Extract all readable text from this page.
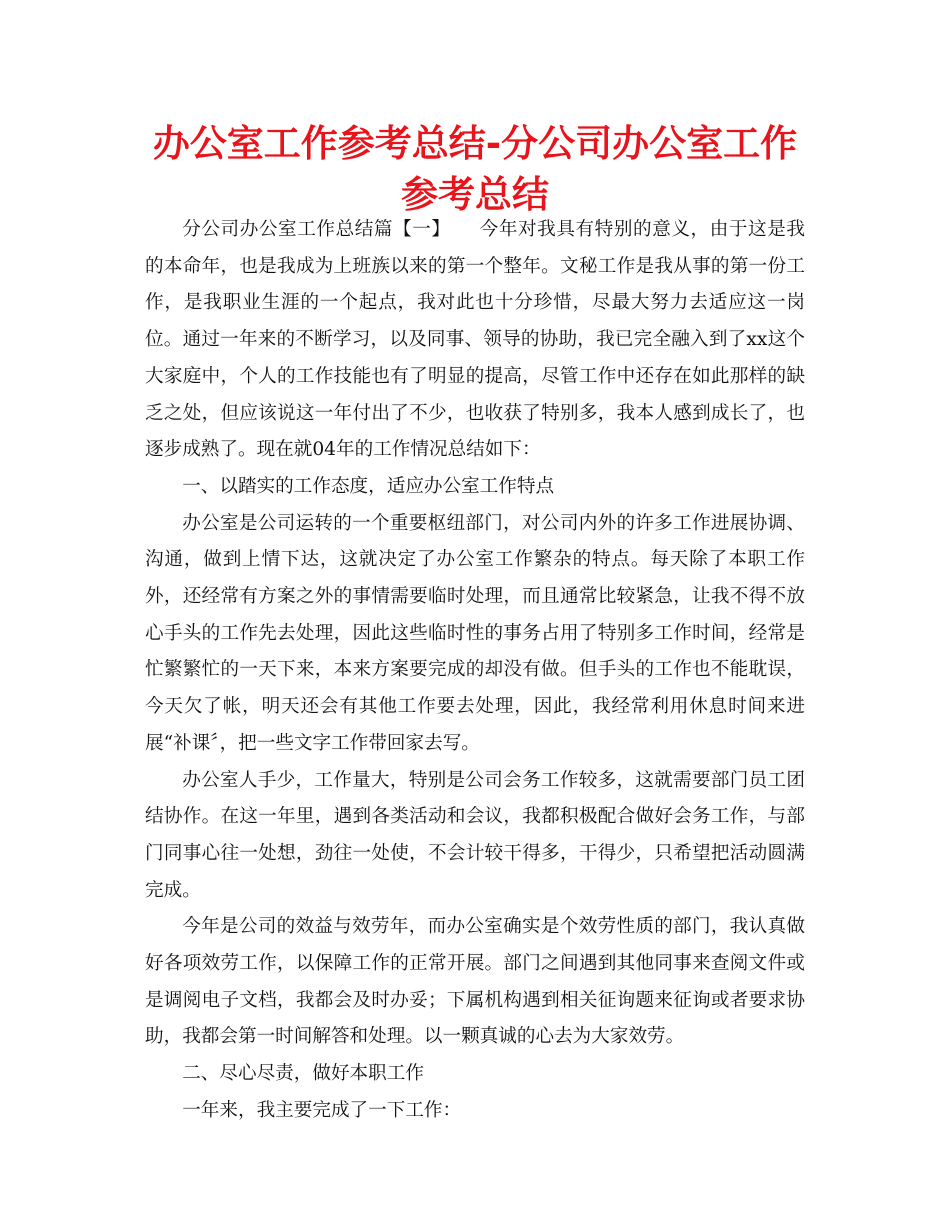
办公室工作参考总结-分公司办公室工作参考总结

分公司办公室工作总结篇【一】　　今年对我具有特别的意义，由于这是我的本命年，也是我成为上班族以来的第一个整年。文秘工作是我从事的第一份工作，是我职业生涯的一个起点，我对此也十分珍惜，尽最大努力去适应这一岗位。通过一年来的不断学习，以及同事、领导的协助，我已完全融入到了xx这个大家庭中，个人的工作技能也有了明显的提高，尽管工作中还存在如此那样的缺乏之处，但应该说这一年付出了不少，也收获了特别多，我本人感到成长了，也逐步成熟了。现在就04年的工作情况总结如下：

一、以踏实的工作态度，适应办公室工作特点

办公室是公司运转的一个重要枢纽部门，对公司内外的许多工作进展协调、沟通，做到上情下达，这就决定了办公室工作繁杂的特点。每天除了本职工作外，还经常有方案之外的事情需要临时处理，而且通常比较紧急，让我不得不放心手头的工作先去处理，因此这些临时性的事务占用了特别多工作时间，经常是忙繁繁忙的一天下来，本来方案要完成的却没有做。但手头的工作也不能耽误，今天欠了帐，明天还会有其他工作要去处理，因此，我经常利用休息时间来进展“补课〞，把一些文字工作带回家去写。

办公室人手少，工作量大，特别是公司会务工作较多，这就需要部门员工团结协作。在这一年里，遇到各类活动和会议，我都积极配合做好会务工作，与部门同事心往一处想，劲往一处使，不会计较干得多，干得少，只希望把活动圆满完成。

今年是公司的效益与效劳年，而办公室确实是个效劳性质的部门，我认真做好各项效劳工作，以保障工作的正常开展。部门之间遇到其他同事来查阅文件或是调阅电子文档，我都会及时办妥；下属机构遇到相关征询题来征询或者要求协助，我都会第一时间解答和处理。以一颗真诚的心去为大家效劳。

二、尽心尽责，做好本职工作

一年来，我主要完成了一下工作：
